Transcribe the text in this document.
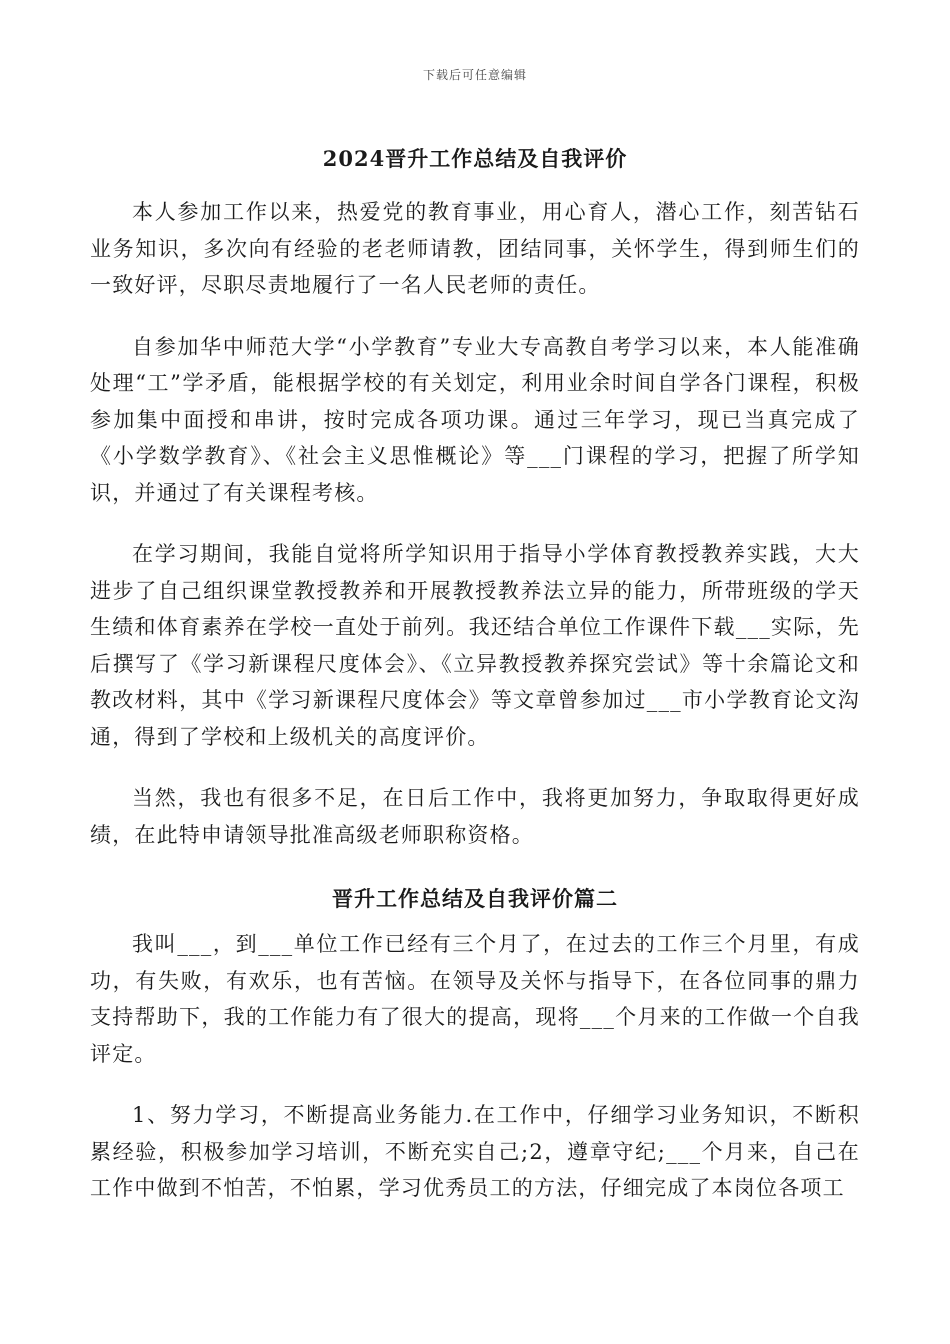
下载后可任意编辑
2024晋升工作总结及自我评价

本人参加工作以来，热爱党的教育事业，用心育人，潜心工作，刻苦钻石业务知识，多次向有经验的老老师请教，团结同事，关怀学生，得到师生们的一致好评，尽职尽责地履行了一名人民老师的责任。

自参加华中师范大学“小学教育”专业大专高教自考学习以来，本人能准确处理“工”学矛盾，能根据学校的有关划定，利用业余时间自学各门课程，积极参加集中面授和串讲，按时完成各项功课。通过三年学习，现已当真完成了《小学数学教育》、《社会主义思惟概论》等___门课程的学习，把握了所学知识，并通过了有关课程考核。

在学习期间，我能自觉将所学知识用于指导小学体育教授教养实践，大大进步了自己组织课堂教授教养和开展教授教养法立异的能力，所带班级的学天生绩和体育素养在学校一直处于前列。我还结合单位工作课件下载___实际，先后撰写了《学习新课程尺度体会》、《立异教授教养探究尝试》等十余篇论文和教改材料，其中《学习新课程尺度体会》等文章曾参加过___市小学教育论文沟通，得到了学校和上级机关的高度评价。

当然，我也有很多不足，在日后工作中，我将更加努力，争取取得更好成绩，在此特申请领导批准高级老师职称资格。

晋升工作总结及自我评价篇二

我叫___，到___单位工作已经有三个月了，在过去的工作三个月里，有成功，有失败，有欢乐，也有苦恼。在领导及关怀与指导下，在各位同事的鼎力支持帮助下，我的工作能力有了很大的提高，现将___个月来的工作做一个自我评定。

1、努力学习，不断提高业务能力.在工作中，仔细学习业务知识，不断积累经验，积极参加学习培训，不断充实自己;2，遵章守纪;___个月来，自己在工作中做到不怕苦，不怕累，学习优秀员工的方法，仔细完成了本岗位各项工
